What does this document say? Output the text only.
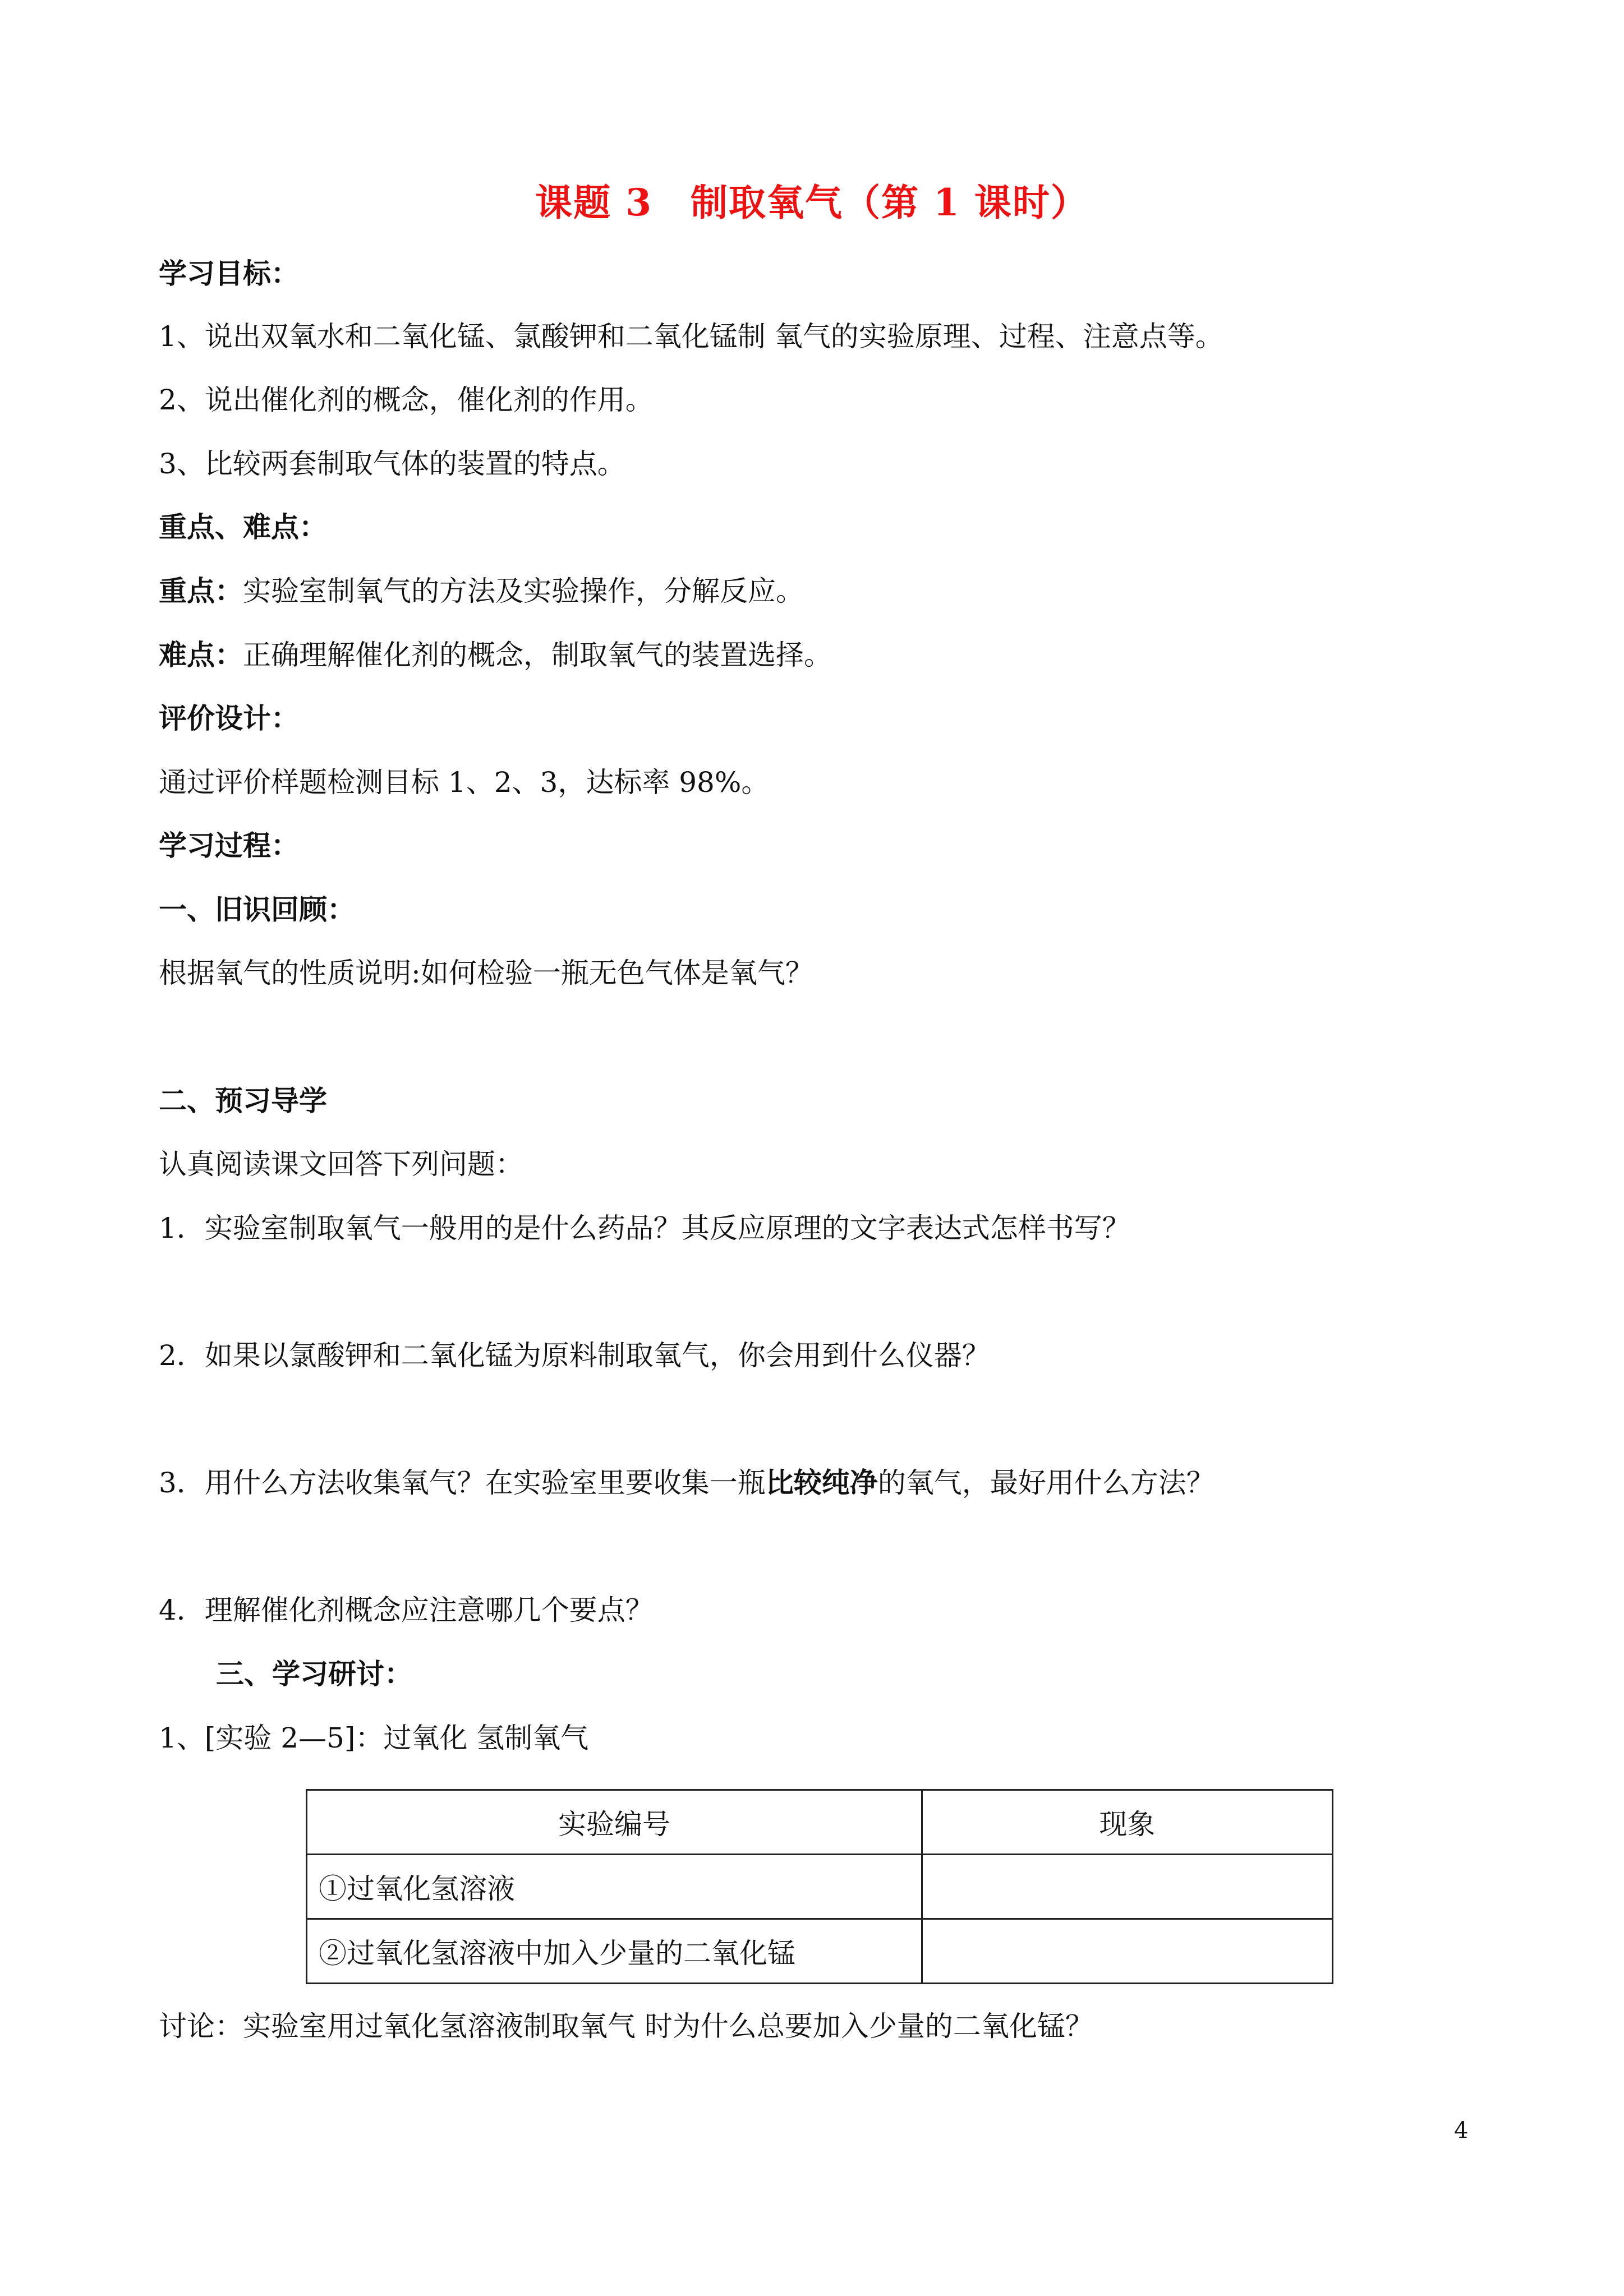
课题 3　制取氧气（第 1 课时）
学习目标：
1、说出双氧水和二氧化锰、氯酸钾和二氧化锰制 氧气的实验原理、过程、注意点等。
2、说出催化剂的概念，催化剂的作用。
3、比较两套制取气体的装置的特点。
重点、难点：
重点：实验室制氧气的方法及实验操作，分解反应。
难点：正确理解催化剂的概念，制取氧气的装置选择。
评价设计：
通过评价样题检测目标 1、2、3，达标率 98%。
学习过程：
一、旧识回顾：
根据氧气的性质说明:如何检验一瓶无色气体是氧气？
二、预习导学
认真阅读课文回答下列问题：
1．实验室制取氧气一般用的是什么药品？其反应原理的文字表达式怎样书写？
2．如果以氯酸钾和二氧化锰为原料制取氧气，你会用到什么仪器？
3．用什么方法收集氧气？在实验室里要收集一瓶比较纯净的氧气，最好用什么方法？
4．理解催化剂概念应注意哪几个要点？
三、学习研讨：
1、[实验 2—5]：过氧化 氢制氧气
实验编号	现象
①过氧化氢溶液	
②过氧化氢溶液中加入少量的二氧化锰	
讨论：实验室用过氧化氢溶液制取氧气 时为什么总要加入少量的二氧化锰？
4
